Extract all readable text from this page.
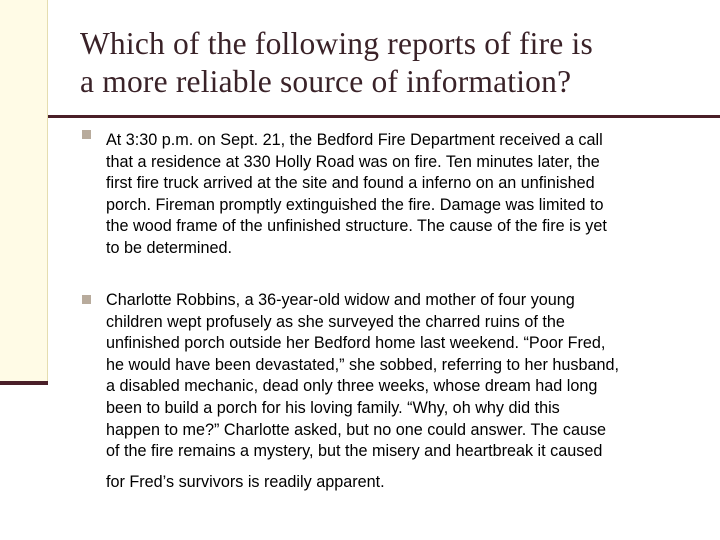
Which of the following reports of fire is
a more reliable source of information?
At 3:30 p.m. on Sept. 21, the Bedford Fire Department received a call
that a residence at 330 Holly Road was on fire. Ten minutes later, the
first fire truck arrived at the site and found a inferno on an unfinished
porch. Fireman promptly extinguished the fire. Damage was limited to
the wood frame of the unfinished structure. The cause of the fire is yet
to be determined.
Charlotte Robbins, a 36-year-old widow and mother of four young
children wept profusely as she surveyed the charred ruins of the
unfinished porch outside her Bedford home last weekend. “Poor Fred,
he would have been devastated,” she sobbed, referring to her husband,
a disabled mechanic, dead only three weeks, whose dream had long
been to build a porch for his loving family. “Why, oh why did this
happen to me?” Charlotte asked, but no one could answer. The cause
of the fire remains a mystery, but the misery and heartbreak it caused
for Fred’s survivors is readily apparent.
